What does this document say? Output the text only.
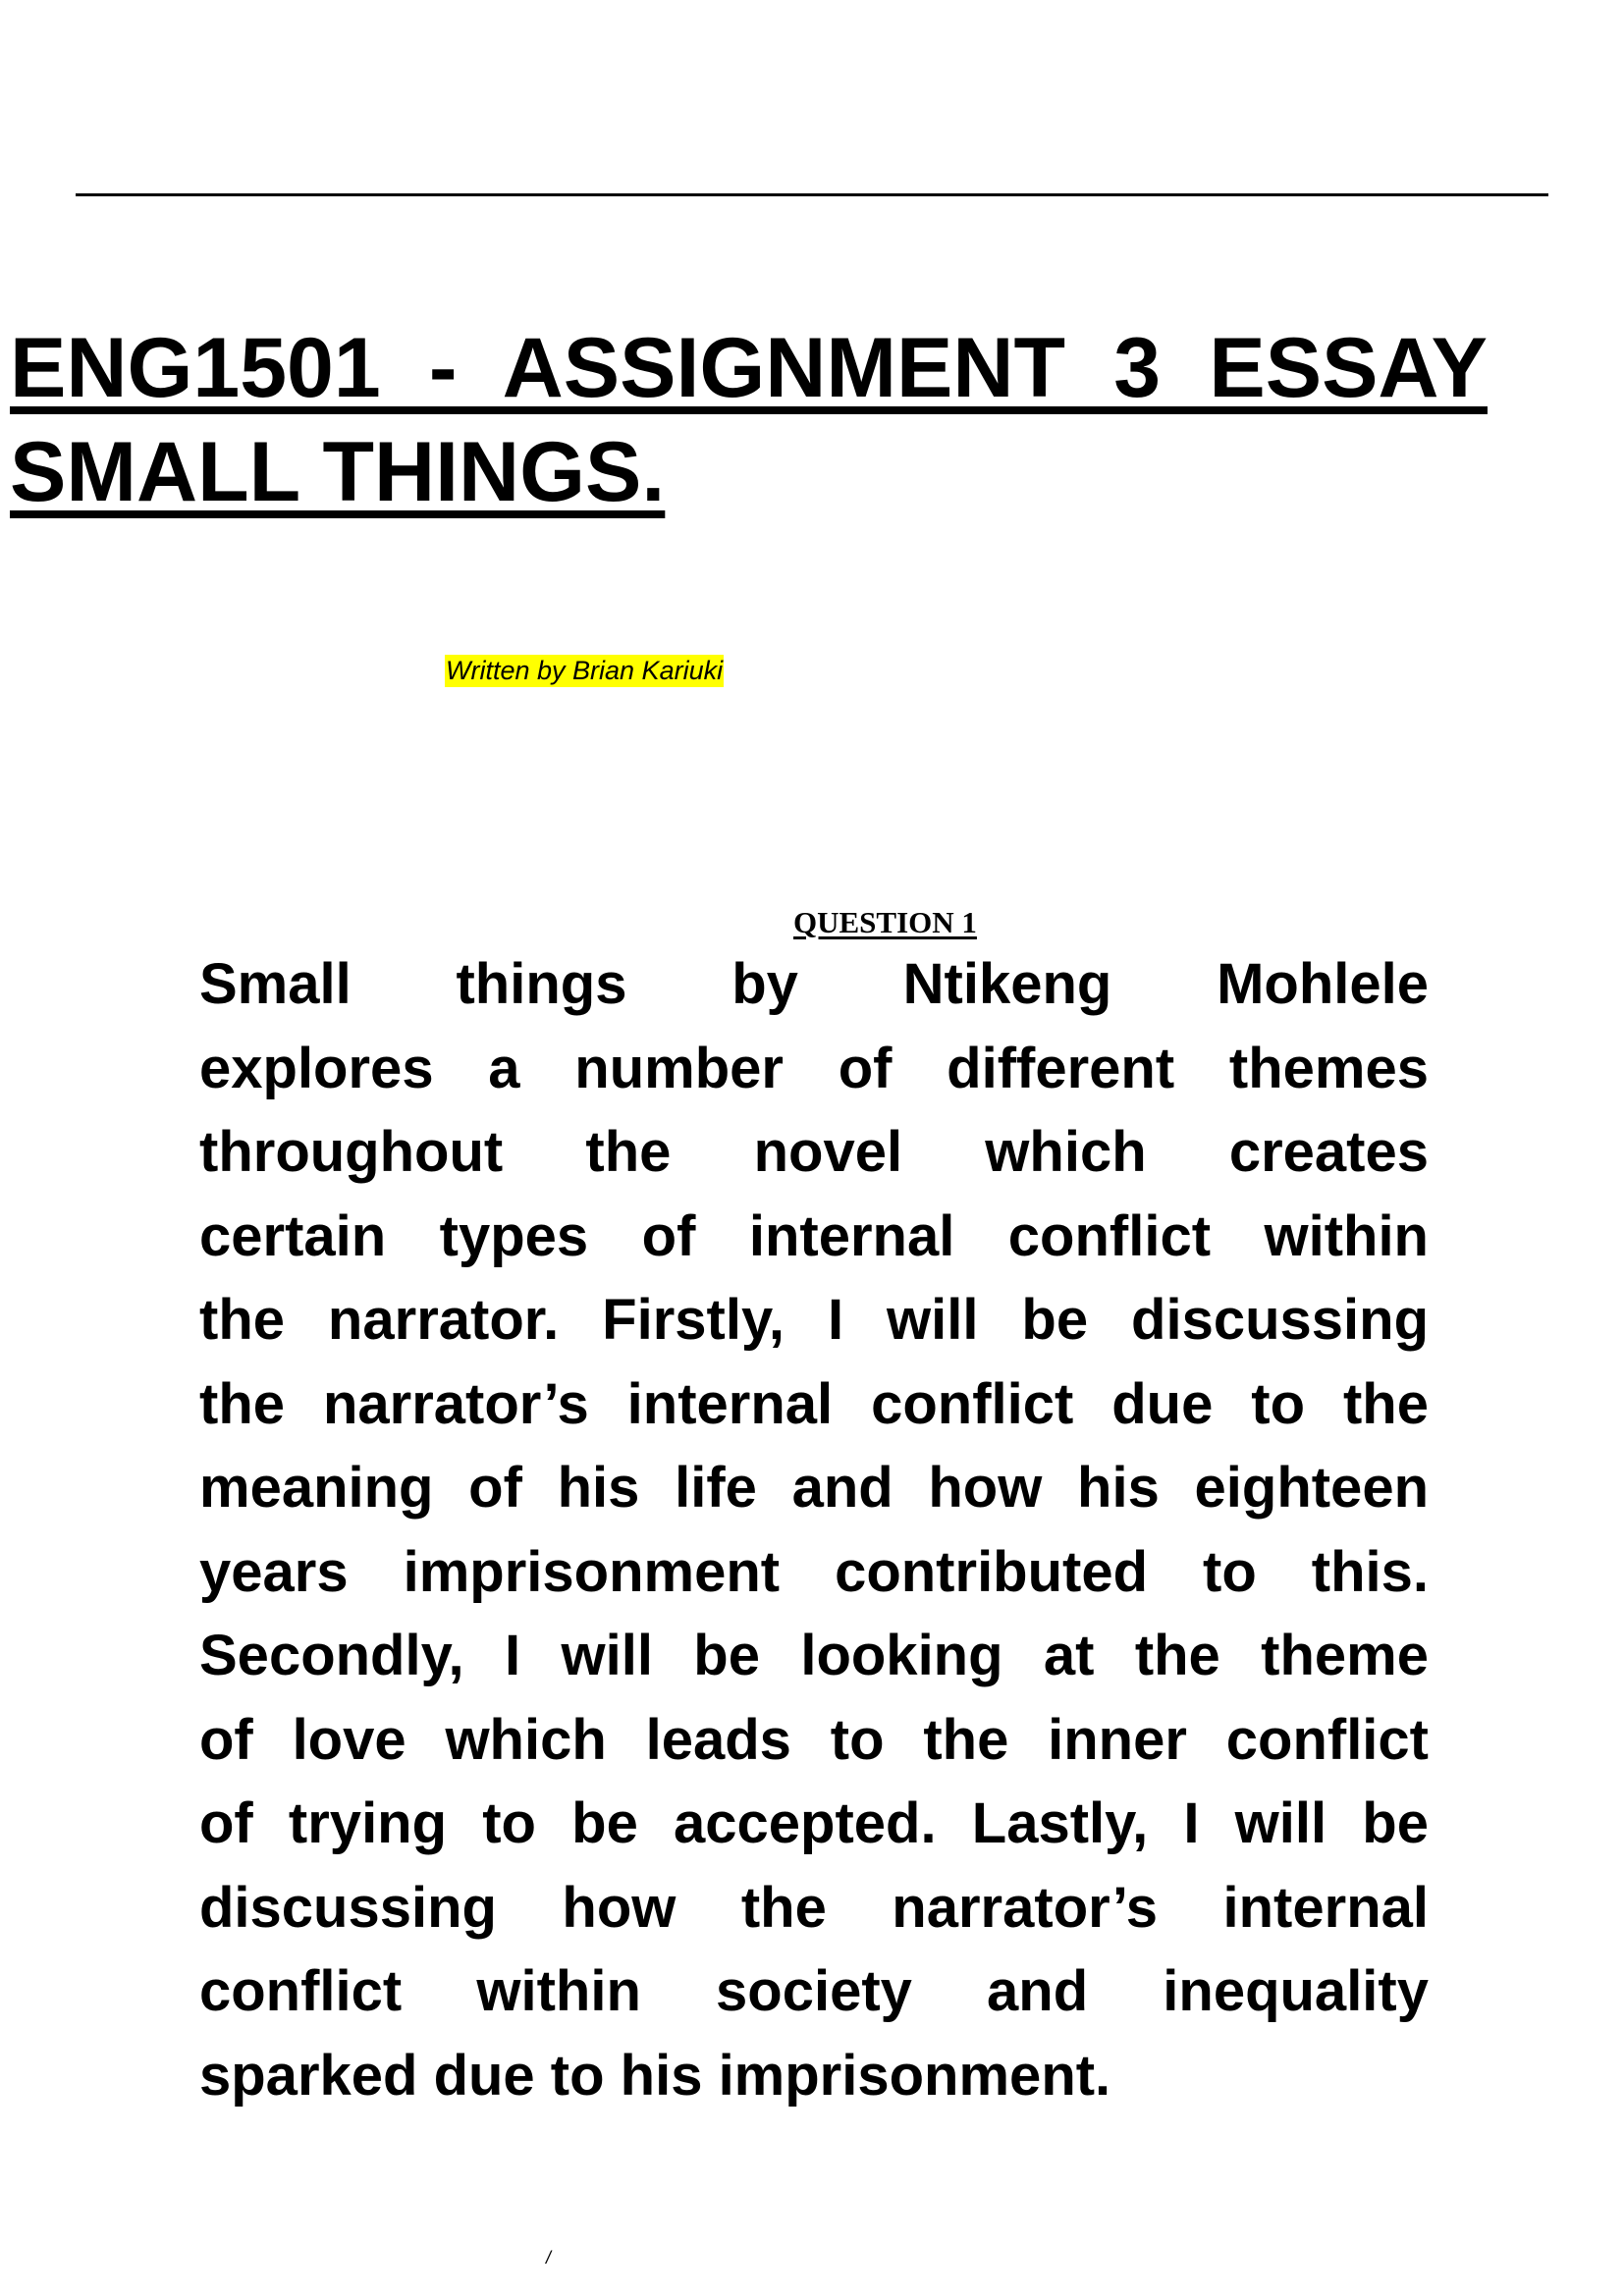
ENG1501 - ASSIGNMENT 3 ESSAY
SMALL THINGS.
Written by Brian Kariuki
QUESTION 1
Small things by Ntikeng Mohlele
explores a number of different themes
throughout the novel which creates
certain types of internal conflict within
the narrator. Firstly, I will be discussing
the narrator’s internal conflict due to the
meaning of his life and how his eighteen
years imprisonment contributed to this.
Secondly, I will be looking at the theme
of love which leads to the inner conflict
of trying to be accepted. Lastly, I will be
discussing how the narrator’s internal
conflict within society and inequality
sparked due to his imprisonment.
/
